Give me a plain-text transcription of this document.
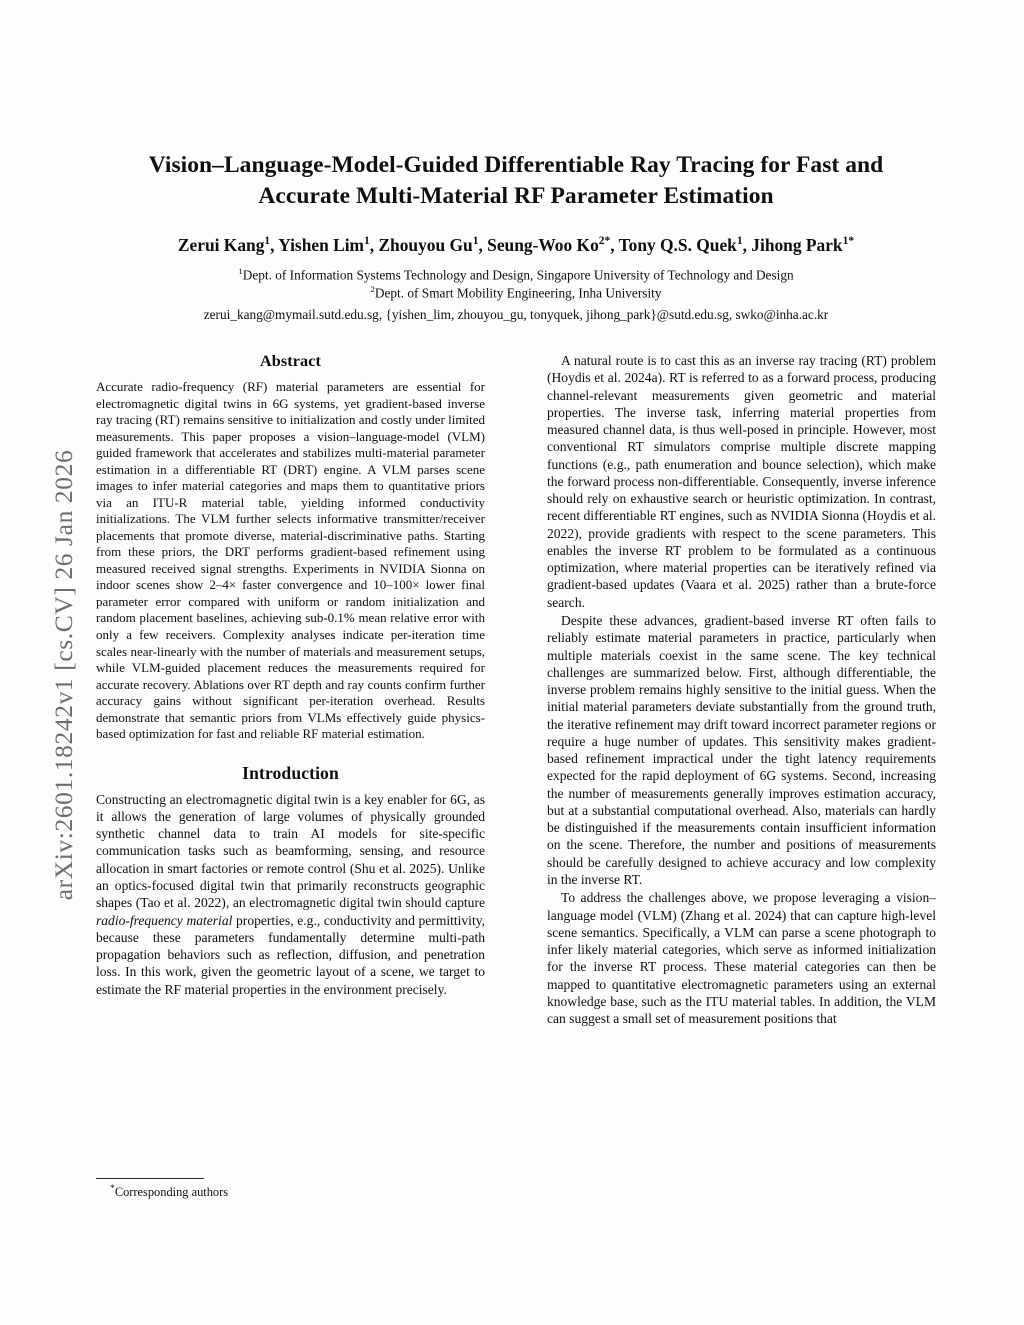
arXiv:2601.18242v1 [cs.CV] 26 Jan 2026
Vision–Language-Model-Guided Differentiable Ray Tracing for Fast and Accurate Multi-Material RF Parameter Estimation
Zerui Kang$^1$, Yishen Lim$^1$, Zhouyou Gu$^1$, Seung-Woo $Ko^{2*}$, Tony Q.S. Quek$^1$, Jihong Park$^{1*}$
$^1$Dept. of Information Systems Technology and Design, Singapore University of Technology and Design
$^2$Dept. of Smart Mobility Engineering, Inha University
zerui_kang@mymail.sutd.edu.sg, {yishen_lim, zhouyou_gu, tonyquek, jihong_park}@sutd.edu.sg, swko@inha.ac.kr
Abstract

Accurate radio-frequency (RF) material parameters are essential for electromagnetic digital twins in 6G systems, yet gradient-based inverse ray tracing (RT) remains sensitive to initialization and costly under limited measurements. This paper proposes a vision–language-model (VLM) guided framework that accelerates and stabilizes multi-material parameter estimation in a differentiable RT (DRT) engine. A VLM parses scene images to infer material categories and maps them to quantitative priors via an ITU-R material table, yielding informed conductivity initializations. The VLM further selects informative transmitter/receiver placements that promote diverse, material-discriminative paths. Starting from these priors, the DRT performs gradient-based refinement using measured received signal strengths. Experiments in NVIDIA Sionna on indoor scenes show 2–4× faster convergence and 10–100× lower final parameter error compared with uniform or random initialization and random placement baselines, achieving sub-0.1% mean relative error with only a few receivers. Complexity analyses indicate per-iteration time scales near-linearly with the number of materials and measurement setups, while VLM-guided placement reduces the measurements required for accurate recovery. Ablations over RT depth and ray counts confirm further accuracy gains without significant per-iteration overhead. Results demonstrate that semantic priors from VLMs effectively guide physics-based optimization for fast and reliable RF material estimation.

Introduction

Constructing an electromagnetic digital twin is a key enabler for 6G, as it allows the generation of large volumes of physically grounded synthetic channel data to train AI models for site-specific communication tasks such as beamforming, sensing, and resource allocation in smart factories or remote control (Shu et al. 2025). Unlike an optics-focused digital twin that primarily reconstructs geographic shapes (Tao et al. 2022), an electromagnetic digital twin should capture radio-frequency material properties, e.g., conductivity and permittivity, because these parameters fundamentally determine multi-path propagation behaviors such as reflection, diffusion, and penetration loss. In this work, given the geometric layout of a scene, we target to estimate the RF material properties in the environment precisely.

A natural route is to cast this as an inverse ray tracing (RT) problem (Hoydis et al. 2024a). RT is referred to as a forward process, producing channel-relevant measurements given geometric and material properties. The inverse task, inferring material properties from measured channel data, is thus well-posed in principle. However, most conventional RT simulators comprise multiple discrete mapping functions (e.g., path enumeration and bounce selection), which make the forward process non-differentiable. Consequently, inverse inference should rely on exhaustive search or heuristic optimization. In contrast, recent differentiable RT engines, such as NVIDIA Sionna (Hoydis et al. 2022), provide gradients with respect to the scene parameters. This enables the inverse RT problem to be formulated as a continuous optimization, where material properties can be iteratively refined via gradient-based updates (Vaara et al. 2025) rather than a brute-force search.

Despite these advances, gradient-based inverse RT often fails to reliably estimate material parameters in practice, particularly when multiple materials coexist in the same scene. The key technical challenges are summarized below. First, although differentiable, the inverse problem remains highly sensitive to the initial guess. When the initial material parameters deviate substantially from the ground truth, the iterative refinement may drift toward incorrect parameter regions or require a huge number of updates. This sensitivity makes gradient-based refinement impractical under the tight latency requirements expected for the rapid deployment of 6G systems. Second, increasing the number of measurements generally improves estimation accuracy, but at a substantial computational overhead. Also, materials can hardly be distinguished if the measurements contain insufficient information on the scene. Therefore, the number and positions of measurements should be carefully designed to achieve accuracy and low complexity in the inverse RT.

To address the challenges above, we propose leveraging a vision–language model (VLM) (Zhang et al. 2024) that can capture high-level scene semantics. Specifically, a VLM can parse a scene photograph to infer likely material categories, which serve as informed initialization for the inverse RT process. These material categories can then be mapped to quantitative electromagnetic parameters using an external knowledge base, such as the ITU material tables. In addition, the VLM can suggest a small set of measurement positions that

*Corresponding authors
